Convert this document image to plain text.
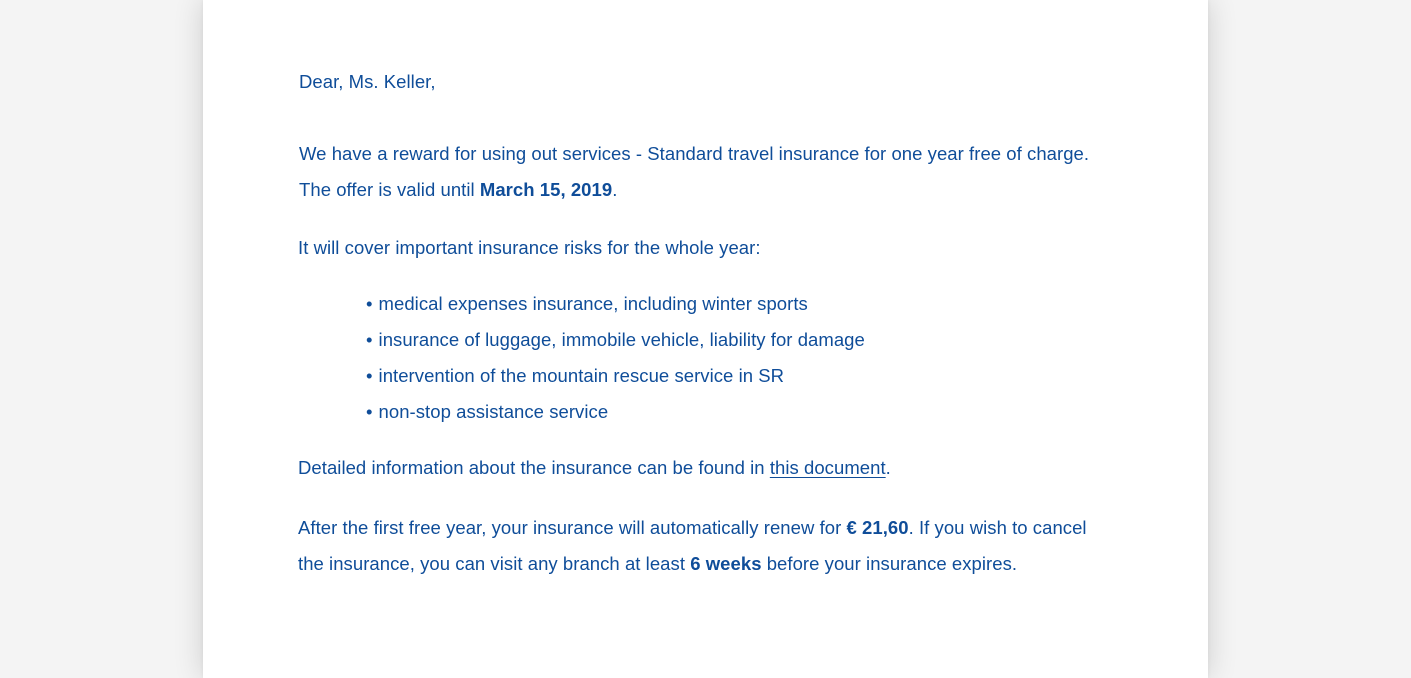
Dear, Ms. Keller,
We have a reward for using out services - Standard travel insurance for one year free of charge.
The offer is valid until March 15, 2019.
It will cover important insurance risks for the whole year:
• medical expenses insurance, including winter sports
• insurance of luggage, immobile vehicle, liability for damage
• intervention of the mountain rescue service in SR
• non-stop assistance service
Detailed information about the insurance can be found in this document.
After the first free year, your insurance will automatically renew for € 21,60. If you wish to cancel
the insurance, you can visit any branch at least 6 weeks before your insurance expires.
